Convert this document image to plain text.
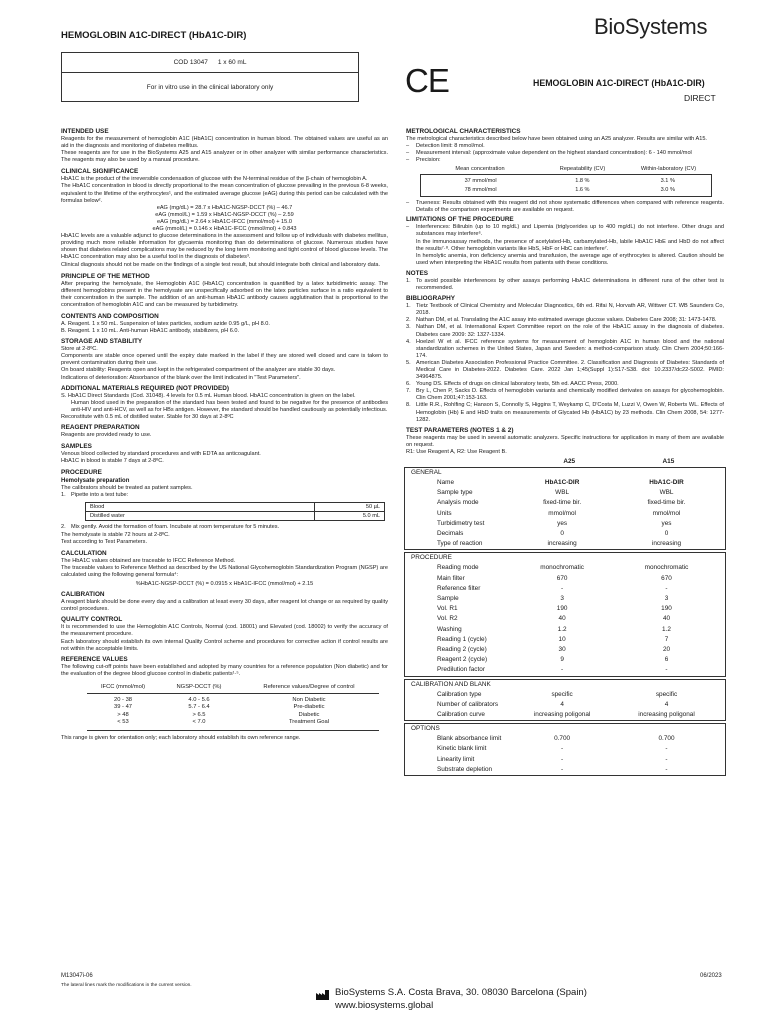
HEMOGLOBIN A1C-DIRECT (HbA1C-DIR)	BioSystems
COD 13047 1 x 60 mL
For in vitro use in the clinical laboratory only	CE	HEMOGLOBIN A1C-DIRECT (HbA1C-DIR)
DIRECT
INTENDED USE

Reagents for the measurement of hemoglobin A1C (HbA1C) concentration in human blood. The obtained values are useful as an aid in the diagnosis and monitoring of diabetes mellitus.

These reagents are for use in the BioSystems A25 and A15 analyzer or in other analyzer with similar performance characteristics. The reagents may also be used by a manual procedure.

CLINICAL SIGNIFICANCE

HbA1C is the product of the irreversible condensation of glucose with the N-terminal residue of the β-chain of hemoglobin A.

The HbA1C concentration in blood is directly proportional to the mean concentration of glucose prevailing in the previous 6-8 weeks, equivalent to the lifetime of the erythrocytes¹, and the estimated average glucose (eAG) during this period can be calculated with the formulas below².

eAG (mg/dL) = 28.7 x HbA1C-NGSP-DCCT (%) – 46.7
eAG (mmol/L) = 1.59 x HbA1C-NGSP-DCCT (%) – 2.59
eAG (mg/dL) = 2.64 x HbA1C-IFCC (mmol/mol) + 15.0
eAG (mmol/L) = 0.146 x HbA1C-IFCC (mmol/mol) + 0.843

HbA1C levels are a valuable adjunct to glucose determinations in the assessment and follow up of individuals with diabetes mellitus, providing much more reliable information for glycaemia monitoring than do determinations of glucose. Numerous studies have shown that diabetes related complications may be reduced by the long term monitoring and tight control of blood glucose levels. The HbA1C concentration may also be a useful tool in the diagnosis of diabetes³.

Clinical diagnosis should not be made on the findings of a single test result, but should integrate both clinical and laboratory data.

PRINCIPLE OF THE METHOD

After preparing the hemolysate, the Hemoglobin A1C (HbA1C) concentration is quantified by a latex turbidimetric assay. The different hemoglobins present in the hemolysate are unspecifically adsorbed on the latex particles surface in a ratio equivalent to their concentration in the sample. The addition of an anti-human HbA1C antibody causes agglutination that is proportional to the concentration of hemoglobin A1C and can be measured by turbidimetry.

CONTENTS AND COMPOSITION

A. Reagent. 1 x 50 mL. Suspension of latex particles, sodium azide 0.95 g/L, pH 8.0.

B. Reagent. 1 x 10 mL. Anti-human HbA1C antibody, stabilizers, pH 6.0.

STORAGE AND STABILITY

Store at 2-8ºC.

Components are stable once opened until the expiry date marked in the label if they are stored well closed and care is taken to prevent contamination during their use.

On board stability: Reagents open and kept in the refrigerated compartment of the analyzer are stable 30 days.

Indications of deterioration: Absorbance of the blank over the limit indicated in "Test Parameters".

ADDITIONAL MATERIALS REQUIRED (NOT PROVIDED)

S. HbA1C Direct Standards (Cod. 31048). 4 levels for 0.5 mL Human blood. HbA1C concentration is given on the label.

Human blood used in the preparation of the standard has been tested and found to be negative for the presence of antibodies anti-HIV and anti-HCV, as well as for HBs antigen. However, the standard should be handled cautiously as potentially infectious.

Reconstitute with 0.5 mL of distilled water. Stable for 30 days at 2-8ºC

REAGENT PREPARATION

Reagents are provided ready to use.

SAMPLES

Venous blood collected by standard procedures and with EDTA as anticoagulant.

HbA1C in blood is stable 7 days at 2-8ºC.

PROCEDURE
Hemolysate preparation

The calibrators should be treated as patient samples.

1. Pipette into a test tube:
Blood	50 µL
Distilled water	5.0 mL
2. Mix gently. Avoid the formation of foam. Incubate at room temperature for 5 minutes.

The hemolysate is stable 72 hours at 2-8ºC.

Test according to Test Parameters.

CALCULATION

The HbA1C values obtained are traceable to IFCC Reference Method.

The traceable values to Reference Method as described by the US National Glycohemoglobin Standardization Program (NGSP) are calculated using the following general formula⁴:

%HbA1C-NGSP-DCCT (%) = 0.0915 x HbA1C-IFCC (mmol/mol) + 2.15
CALIBRATION

A reagent blank should be done every day and a calibration at least every 30 days, after reagent lot change or as required by quality control procedures.

QUALITY CONTROL

It is recommended to use the Hemoglobin A1C Controls, Normal (cod. 18001) and Elevated (cod. 18002) to verify the accuracy of the measurement procedure.

Each laboratory should establish its own internal Quality Control scheme and procedures for corrective action if control results are not within the acceptable limits.

REFERENCE VALUES

The following cut-off points have been established and adopted by many countries for a reference population (Non diabetic) and for the evaluation of the degree blood glucose control in diabetic patients¹·⁵.

IFCC (mmol/mol)	NGSP-DCCT (%)	Reference values/Degree of control
20 - 38	4.0 - 5.6	Non Diabetic
39 - 47	5.7 - 6.4	Pre-diabetic
> 48	> 6.5	Diabetic
< 53	< 7.0	Treatment Goal

This range is given for orientation only; each laboratory should establish its own reference range.

METROLOGICAL CHARACTERISTICS

The metrological characteristics described below have been obtained using an A25 analyzer. Results are similar with A15.

–	Detection limit: 8 mmol/mol.
–	Measurement interval: (approximate value dependent on the highest standard concentration): 6 - 140 mmol/mol
–	Precision:
Mean concentration	Repeatability (CV)	Within-laboratory (CV)
37 mmol/mol	1.8 %	3.1 %
78 mmol/mol	1.6 %	3.0 %
–	Trueness: Results obtained with this reagent did not show systematic differences when compared with reference reagents. Details of the comparison experiments are available on request.
LIMITATIONS OF THE PROCEDURE
–	Interferences: Bilirubin (up to 10 mg/dL) and Lipemia (triglycerides up to 400 mg/dL) do not interfere. Other drugs and substances may interfere⁶.

In the immunoassay methods, the presence of acetylated-Hb, carbamylated-Hb, labile HbA1C HbE and HbD do not affect the results⁷·⁸. Other hemoglobin variants like HbS, HbF or HbC can interfere⁷.

In hemolytic anemia, iron deficiency anemia and transfusion, the average age of erythrocytes is altered. Caution should be used when interpreting the HbA1C results from patients with these conditions.

NOTES
1. To avoid possible interferences by other assays performing HbA1C determinations in different runs of the other test is recommended.
BIBLIOGRAPHY
1. Tietz Textbook of Clinical Chemistry and Molecular Diagnostics, 6th ed. Rifai N, Horvath AR, Wittwer CT. WB Saunders Co, 2018.
2. Nathan DM, et al. Translating the A1C assay into estimated average glucose values. Diabetes Care 2008; 31: 1473-1478.
3. Nathan DM, et al. International Expert Committee report on the role of the HbA1C assay in the diagnosis of diabetes. Diabetes care 2009: 32: 1327-1334.
4. Hoelzel W et al. IFCC reference systems for measurement of hemoglobin A1C in human blood and the national standardization schemes in the United States, Japan and Sweden: a method-comparison study. Clin Chem 2004;50:166-174.
5. American Diabetes Association Professional Practice Committee. 2. Classification and Diagnosis of Diabetes: Standards of Medical Care in Diabetes-2022. Diabetes Care. 2022 Jan 1;45(Suppl 1):S17-S38. doi: 10.2337/dc22-S002. PMID: 34964875.
6. Young DS. Effects of drugs on clinical laboratory tests, 5th ed. AACC Press, 2000.
7. Bry L, Chen P, Sacks D. Effects of hemoglobin variants and chemically modified derivates on assays for glycohemoglobin. Clin Chem 2001;47:153-163.
8. Little R.R., Rohlfing C; Hanson S, Connolly S, Higgins T, Weykamp C, D'Costa M, Luzzi V, Owen W, Roberts WL. Effects of Hemoglobin (Hb) E and HbD traits on measurements of Glycated Hb (HbA1C) by 23 methods. Clin Chem 2008, 54: 1277-1282.
TEST PARAMETERS (NOTES 1 & 2)

These reagents may be used in several automatic analyzers. Specific instructions for application in many of them are available on request.

R1: Use Reagent A, R2: Use Reagent B.

A25	A15
GENERAL
Name	HbA1C-DIR	HbA1C-DIR
Sample type	WBL	WBL
Analysis mode	fixed-time bir.	fixed-time bir.
Units	mmol/mol	mmol/mol
Turbidimetry test	yes	yes
Decimals	0	0
Type of reaction	increasing	increasing
PROCEDURE
Reading mode	monochromatic	monochromatic
Main filter	670	670
Reference filter	-	-
Sample	3	3
Vol. R1	190	190
Vol. R2	40	40
Washing	1.2	1.2
Reading 1 (cycle)	10	7
Reading 2 (cycle)	30	20
Reagent 2 (cycle)	9	6
Predilution factor	-	-
CALIBRATION AND BLANK
Calibration type	specific	specific
Number of calibrators	4	4
Calibration curve	increasing poligonal	increasing poligonal
OPTIONS
Blank absorbance limit	0.700	0.700
Kinetic blank limit	-	-
Linearity limit	-	-
Substrate depletion	-	-
M13047i-06
The lateral lines mark the modifications in the current version.
06/2023
BioSystems S.A. Costa Brava, 30. 08030 Barcelona (Spain)
www.biosystems.global
